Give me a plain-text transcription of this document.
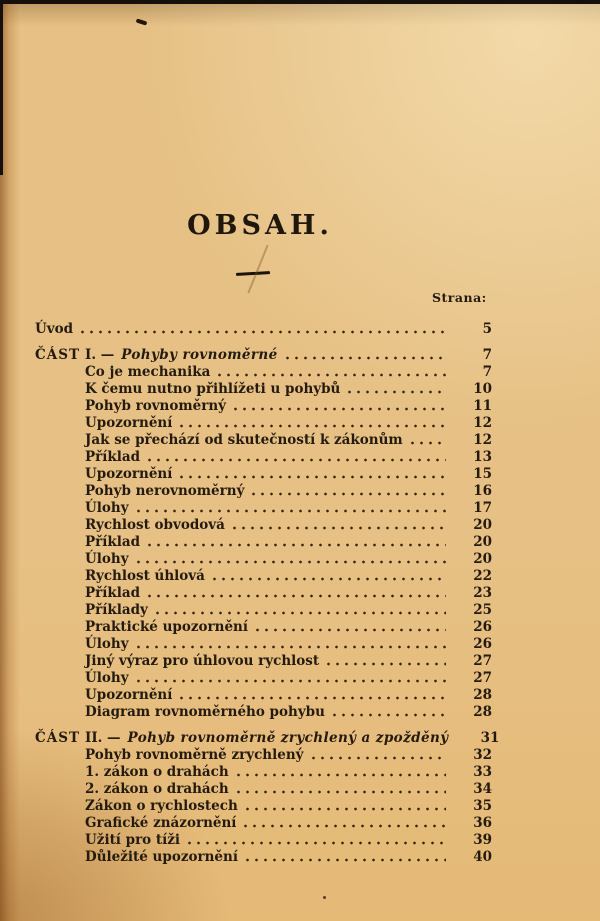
OBSAH.
Strana:
Úvod	5
ČÁST I. — Pohyby rovnoměrné	7
Co je mechanika	7
K čemu nutno přihlížeti u pohybů	10
Pohyb rovnoměrný	11
Upozornění	12
Jak se přechází od skutečností k zákonům	12
Příklad	13
Upozornění	15
Pohyb nerovnoměrný	16
Úlohy	17
Rychlost obvodová	20
Příklad	20
Úlohy	20
Rychlost úhlová	22
Příklad	23
Příklady	25
Praktické upozornění	26
Úlohy	26
Jiný výraz pro úhlovou rychlost	27
Úlohy	27
Upozornění	28
Diagram rovnoměrného pohybu	28
ČÁST II. — Pohyb rovnoměrně zrychlený a zpožděný	31
Pohyb rovnoměrně zrychlený	32
1. zákon o drahách	33
2. zákon o drahách	34
Zákon o rychlostech	35
Grafické znázornění	36
Užití pro tíži	39
Důležité upozornění	40
